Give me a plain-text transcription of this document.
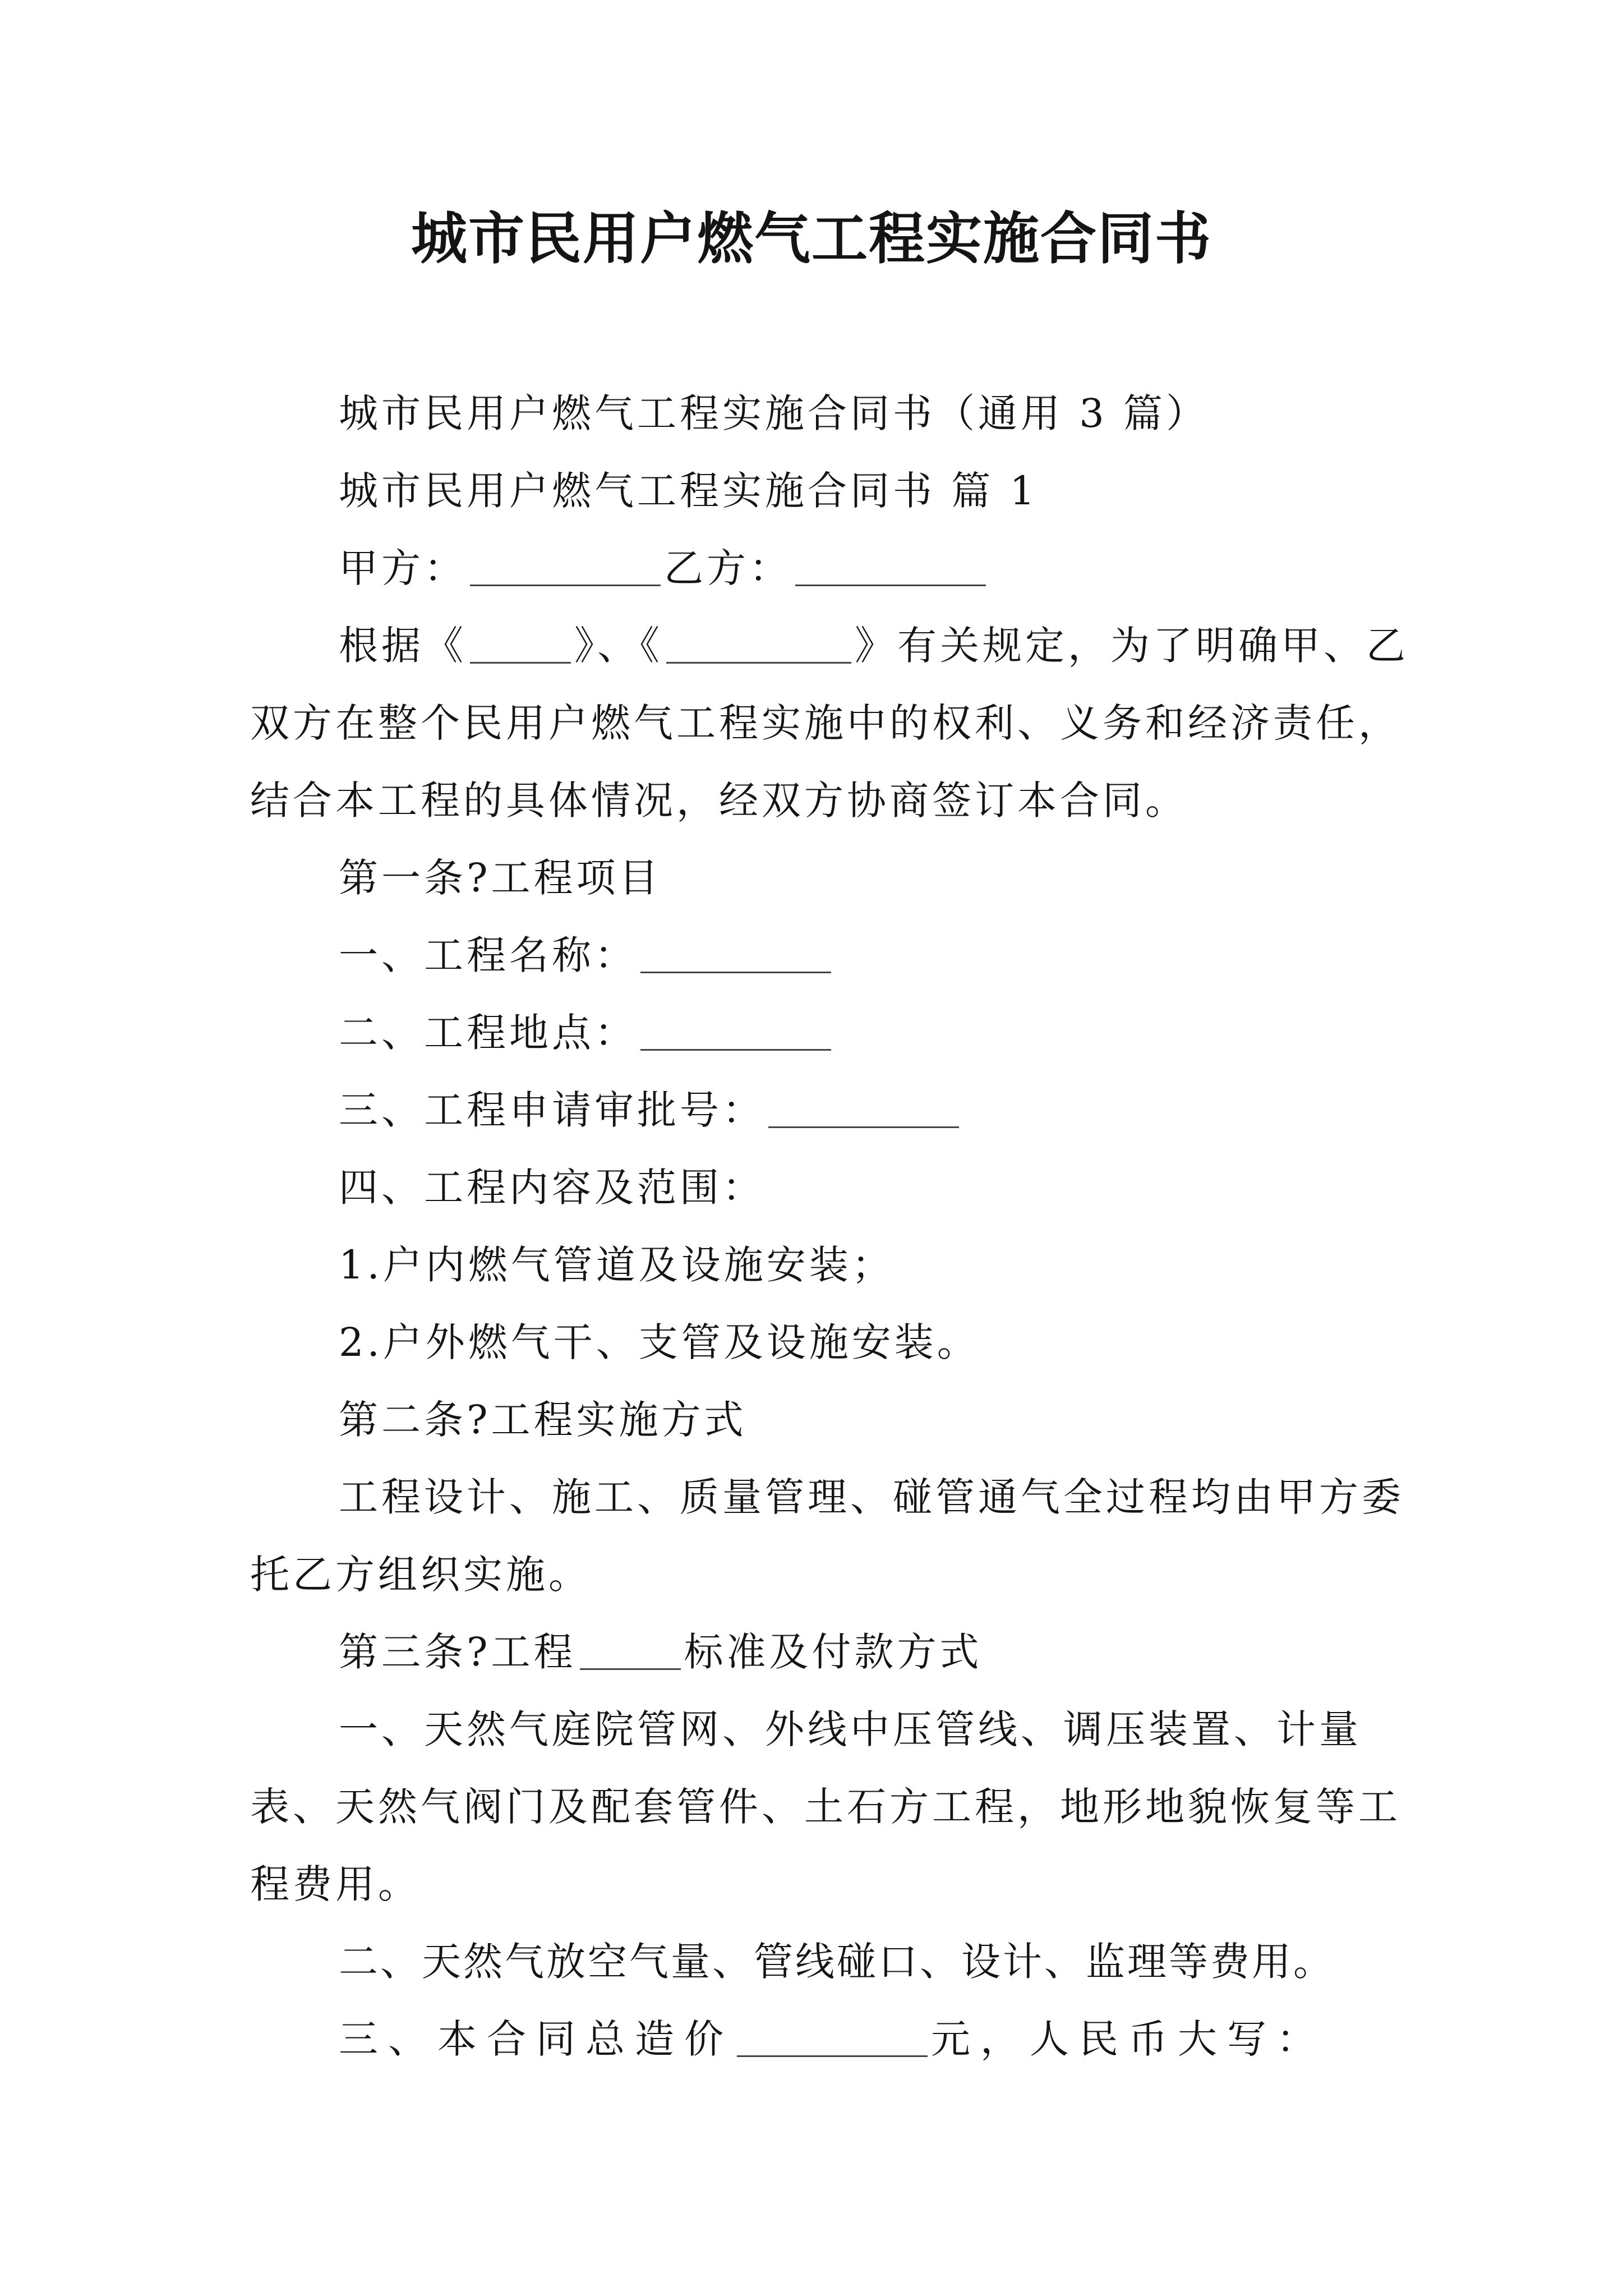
城市民用户燃气工程实施合同书

城市民用户燃气工程实施合同书（通用 3 篇）

城市民用户燃气工程实施合同书 篇 1

甲方：	乙方：

根据《	》、《	》有关规定，为了明确甲、乙双方在整个民用户燃气工程实施中的权利、义务和经济责任，结合本工程的具体情况，经双方协商签订本合同。

第一条?工程项目

一、工程名称：

二、工程地点：

三、工程申请审批号：

四、工程内容及范围：

1.户内燃气管道及设施安装；

2.户外燃气干、支管及设施安装。

第二条?工程实施方式

工程设计、施工、质量管理、碰管通气全过程均由甲方委托乙方组织实施。

第三条?工程	标准及付款方式

一、天然气庭院管网、外线中压管线、调压装置、计量表、天然气阀门及配套管件、土石方工程，地形地貌恢复等工程费用。

二、天然气放空气量、管线碰口、设计、监理等费用。

三、本合同总造价	元，人民币大写：
